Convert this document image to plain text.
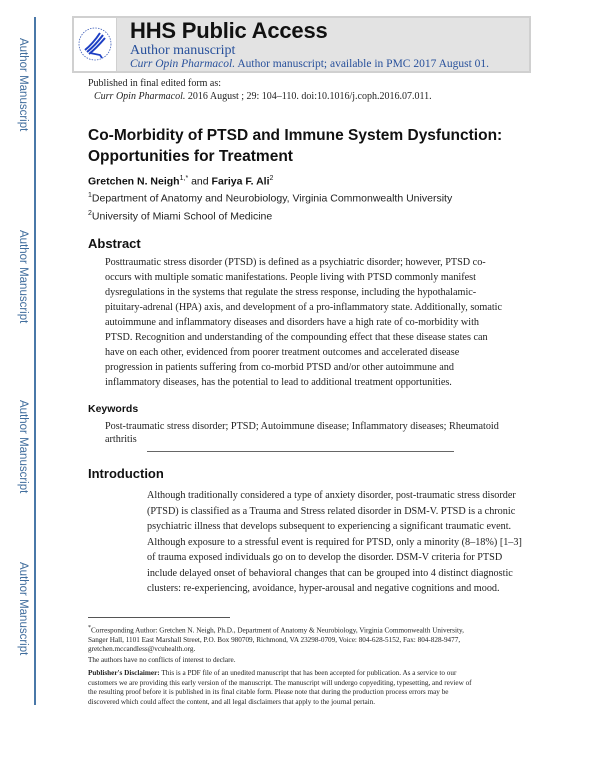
Author Manuscript
Author Manuscript
Author Manuscript
Author Manuscript
HHS Public Access
Author manuscript
Curr Opin Pharmacol. Author manuscript; available in PMC 2017 August 01.
Published in final edited form as:
Curr Opin Pharmacol. 2016 August ; 29: 104–110. doi:10.1016/j.coph.2016.07.011.
Co-Morbidity of PTSD and Immune System Dysfunction:
Opportunities for Treatment
Gretchen N. Neigh$^{1,*}$ and Fariya F. Ali$^2$
$^1$Department of Anatomy and Neurobiology, Virginia Commonwealth University
$^2$University of Miami School of Medicine
Abstract
Posttraumatic stress disorder (PTSD) is defined as a psychiatric disorder; however, PTSD co-
occurs with multiple somatic manifestations. People living with PTSD commonly manifest
dysregulations in the systems that regulate the stress response, including the hypothalamic-
pituitary-adrenal (HPA) axis, and development of a pro-inflammatory state. Additionally, somatic
autoimmune and inflammatory diseases and disorders have a high rate of co-morbidity with
PTSD. Recognition and understanding of the compounding effect that these disease states can
have on each other, evidenced from poorer treatment outcomes and accelerated disease
progression in patients suffering from co-morbid PTSD and/or other autoimmune and
inflammatory diseases, has the potential to lead to additional treatment opportunities.
Keywords
Post-traumatic stress disorder; PTSD; Autoimmune disease; Inflammatory diseases; Rheumatoid
arthritis
Introduction
Although traditionally considered a type of anxiety disorder, post-traumatic stress disorder
(PTSD) is classified as a Trauma and Stress related disorder in DSM-V. PTSD is a chronic
psychiatric illness that develops subsequent to experiencing a significant traumatic event.
Although exposure to a stressful event is required for PTSD, only a minority (8–18%) [1–3]
of trauma exposed individuals go on to develop the disorder. DSM-V criteria for PTSD
include delayed onset of behavioral changes that can be grouped into 4 distinct diagnostic
clusters: re-experiencing, avoidance, hyper-arousal and negative cognitions and mood.
*Corresponding Author: Gretchen N. Neigh, Ph.D., Department of Anatomy & Neurobiology, Virginia Commonwealth University,
Sanger Hall, 1101 East Marshall Street, P.O. Box 980709, Richmond, VA 23298-0709, Voice: 804-628-5152, Fax: 804-828-9477,
gretchen.mccandless@vcuhealth.org.
The authors have no conflicts of interest to declare.
Publisher's Disclaimer: This is a PDF file of an unedited manuscript that has been accepted for publication. As a service to our
customers we are providing this early version of the manuscript. The manuscript will undergo copyediting, typesetting, and review of
the resulting proof before it is published in its final citable form. Please note that during the production process errors may be
discovered which could affect the content, and all legal disclaimers that apply to the journal pertain.
